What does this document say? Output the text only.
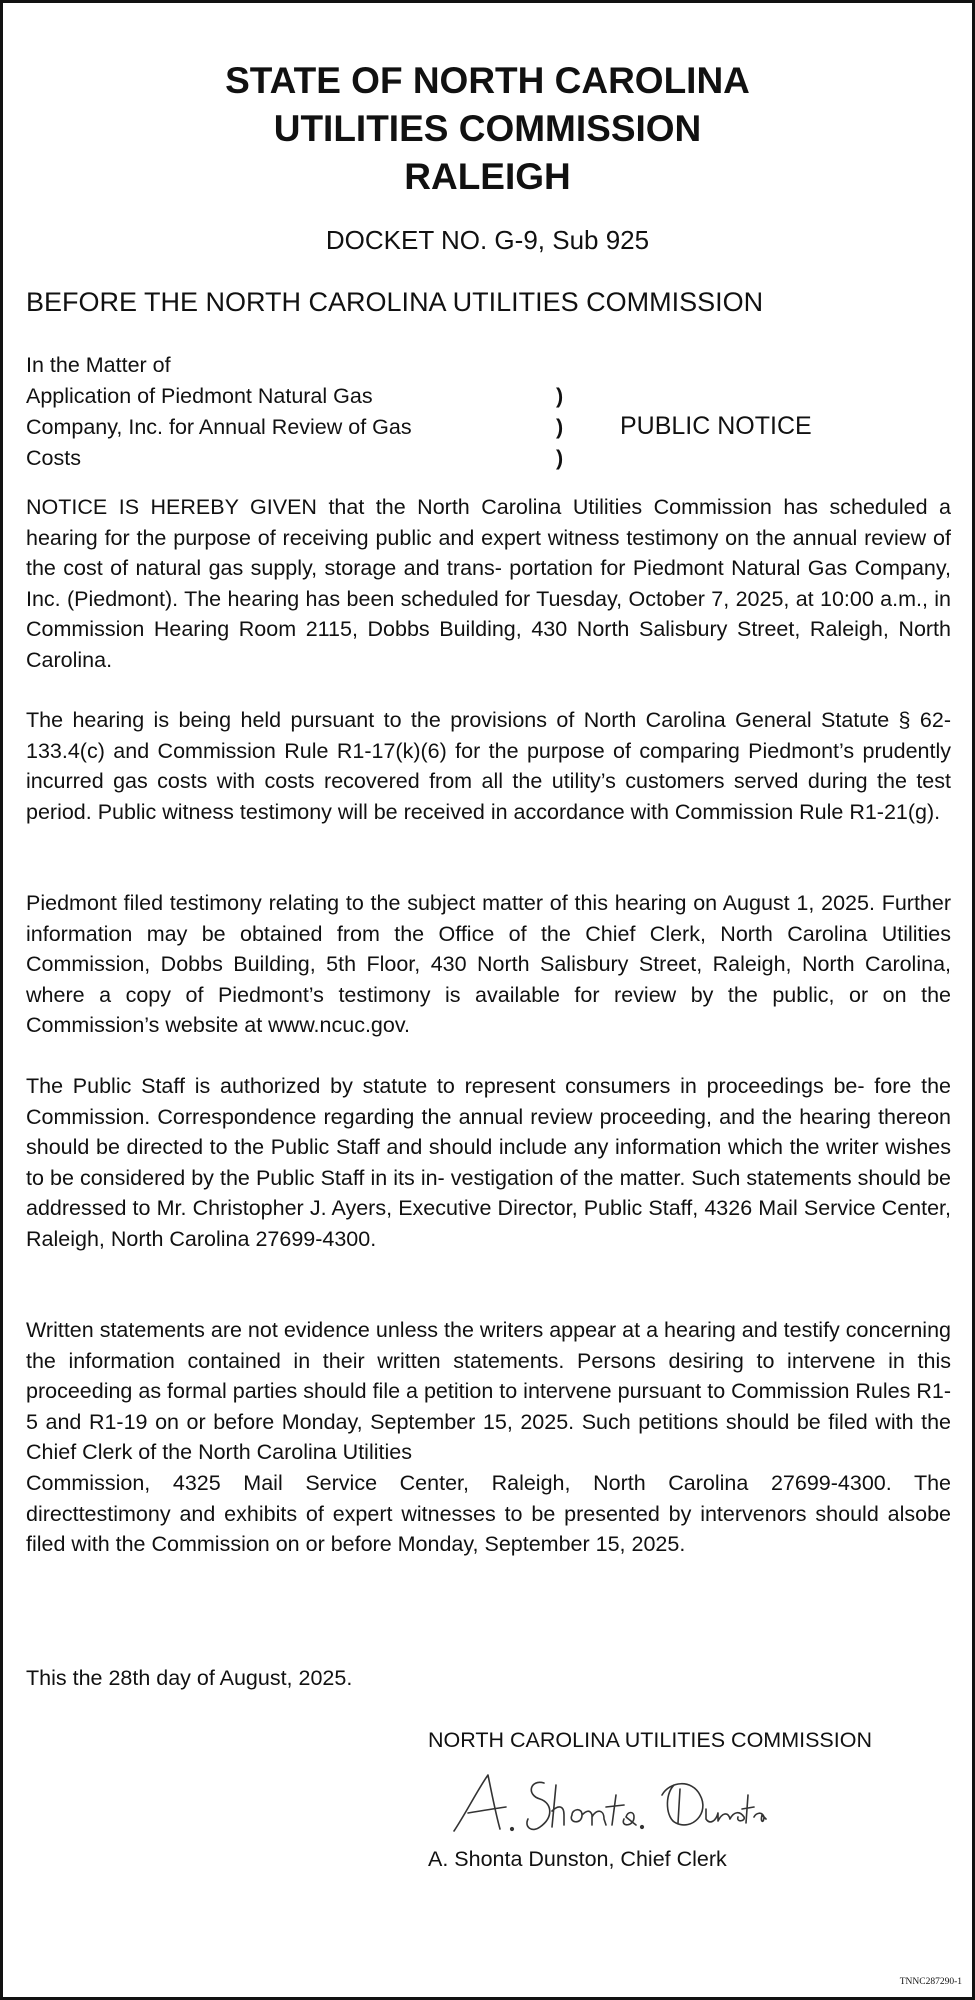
STATE OF NORTH CAROLINA
UTILITIES COMMISSION
RALEIGH
DOCKET NO. G-9, Sub 925
BEFORE THE NORTH CAROLINA UTILITIES COMMISSION
In the Matter of
Application of Piedmont Natural Gas
Company, Inc. for Annual Review of Gas
Costs
)
)
)
PUBLIC NOTICE

NOTICE IS HEREBY GIVEN that the North Carolina Utilities Commission has scheduled a hearing for the purpose of receiving public and expert witness testimony on the annual review of the cost of natural gas supply, storage and trans- portation for Piedmont Natural Gas Company, Inc. (Piedmont). The hearing has been scheduled for Tuesday, October 7, 2025, at 10:00 a.m., in Commission Hearing Room 2115, Dobbs Building, 430 North Salisbury Street, Raleigh, North Carolina.

The hearing is being held pursuant to the provisions of North Carolina General Statute § 62-133.4(c) and Commission Rule R1-17(k)(6) for the purpose of comparing Piedmont’s prudently incurred gas costs with costs recovered from all the utility’s customers served during the test period. Public witness testimony will be received in accordance with Commission Rule R1-21(g).

Piedmont filed testimony relating to the subject matter of this hearing on August 1, 2025. Further information may be obtained from the Office of the Chief Clerk, North Carolina Utilities Commission, Dobbs Building, 5th Floor, 430 North Salisbury Street, Raleigh, North Carolina, where a copy of Piedmont’s testimony is available for review by the public, or on the Commission’s website at www.ncuc.gov.

The Public Staff is authorized by statute to represent consumers in proceedings be- fore the Commission. Correspondence regarding the annual review proceeding, and the hearing thereon should be directed to the Public Staff and should include any information which the writer wishes to be considered by the Public Staff in its in- vestigation of the matter. Such statements should be addressed to Mr. Christopher J. Ayers, Executive Director, Public Staff, 4326 Mail Service Center, Raleigh, North Carolina 27699-4300.

Written statements are not evidence unless the writers appear at a hearing and testify concerning the information contained in their written statements. Persons desiring to intervene in this proceeding as formal parties should file a petition to intervene pursuant to Commission Rules R1-5 and R1-19 on or before Monday, September 15, 2025. Such petitions should be filed with the Chief Clerk of the North Carolina Utilities

Commission, 4325 Mail Service Center, Raleigh, North Carolina 27699-4300. The directtestimony and exhibits of expert witnesses to be presented by intervenors should alsobe filed with the Commission on or before Monday, September 15, 2025.

This the 28th day of August, 2025.
NORTH CAROLINA UTILITIES COMMISSION
A. Shonta Dunston, Chief Clerk
TNNC287290-1
